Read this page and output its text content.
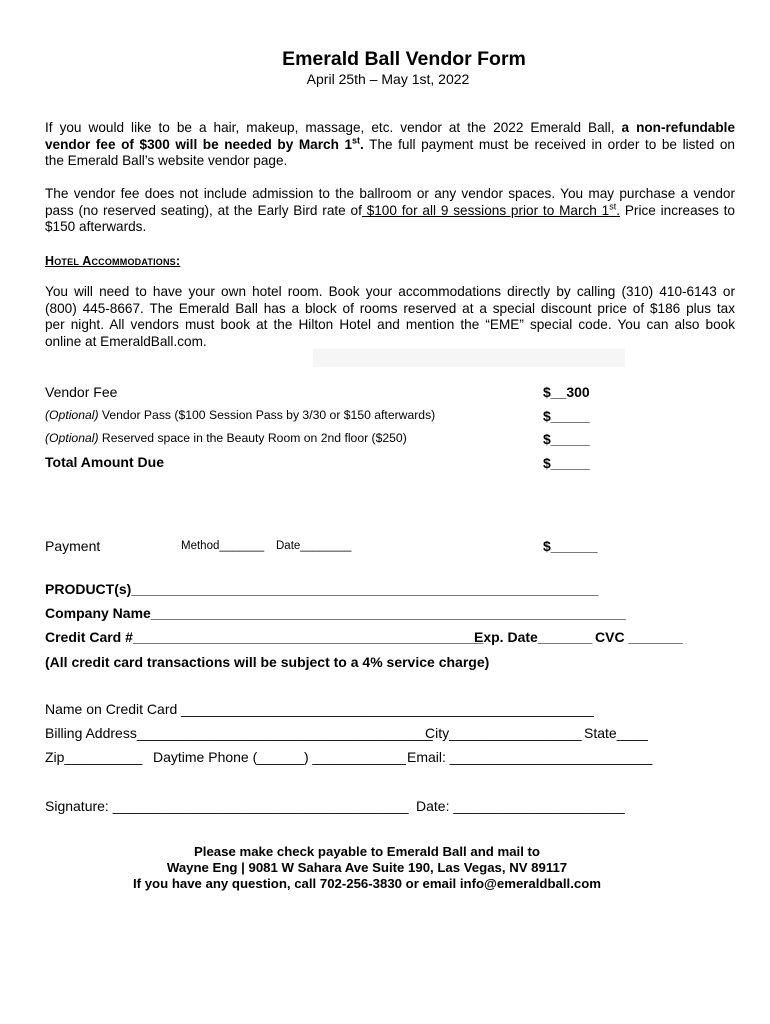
Emerald Ball Vendor Form
April 25th – May 1st, 2022
If you would like to be a hair, makeup, massage, etc. vendor at the 2022 Emerald Ball, a non-refundable
vendor fee of $300 will be needed by March 1st. The full payment must be received in order to be listed on
the Emerald Ball’s website vendor page.
The vendor fee does not include admission to the ballroom or any vendor spaces. You may purchase a vendor
pass (no reserved seating), at the Early Bird rate of $100 for all 9 sessions prior to March 1st. Price increases to
$150 afterwards.
Hotel Accommodations:
You will need to have your own hotel room. Book your accommodations directly by calling (310) 410-6143 or
(800) 445-8667. The Emerald Ball has a block of rooms reserved at a special discount price of $186 plus tax
per night. All vendors must book at the Hilton Hotel and mention the “EME” special code. You can also book
online at EmeraldBall.com.
Vendor Fee	$__300
(Optional) Vendor Pass ($100 Session Pass by 3/30 or $150 afterwards)	$_____
(Optional) Reserved space in the Beauty Room on 2nd floor ($250)	$_____
Total Amount Due	$_____
Payment	Method_______ Date________	$______
PRODUCT(s)____________________________________________________________
Company Name_____________________________________________________________
Credit Card #_____________________________________________
Exp. Date_______ CVC _______
(All credit card transactions will be subject to a 4% service charge)
Name on Credit Card _____________________________________________________
Billing Address______________________________________
City_________________ State____
Zip__________ Daytime Phone (______) ____________ Email: __________________________
Signature: ______________________________________ Date: ______________________
Please make check payable to Emerald Ball and mail to
Wayne Eng | 9081 W Sahara Ave Suite 190, Las Vegas, NV 89117
If you have any question, call 702-256-3830 or email info@emeraldball.com
